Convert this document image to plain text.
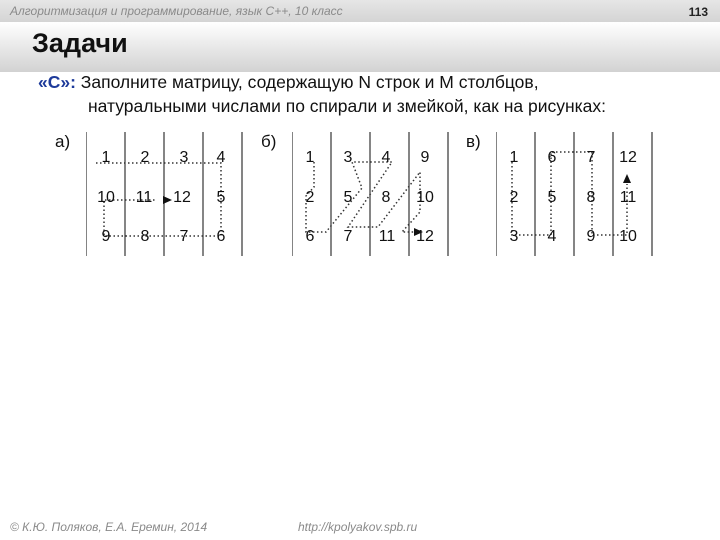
Алгоритмизация и программирование, язык С++, 10 класс	113
Задачи
«С»: Заполните матрицу, содержащую N строк и M столбцов,
натуральными числами по спирали и змейкой, как на рисунках:
а)
1 2 3 4
10 11 12 5
9 8 7 6
б)
1 3 4 9
2 5 8 10
6 7 11 12
в)
1 6 7 12
2 5 8 11
3 4 9 10
© К.Ю. Поляков, Е.А. Еремин, 2014	http://kpolyakov.spb.ru
